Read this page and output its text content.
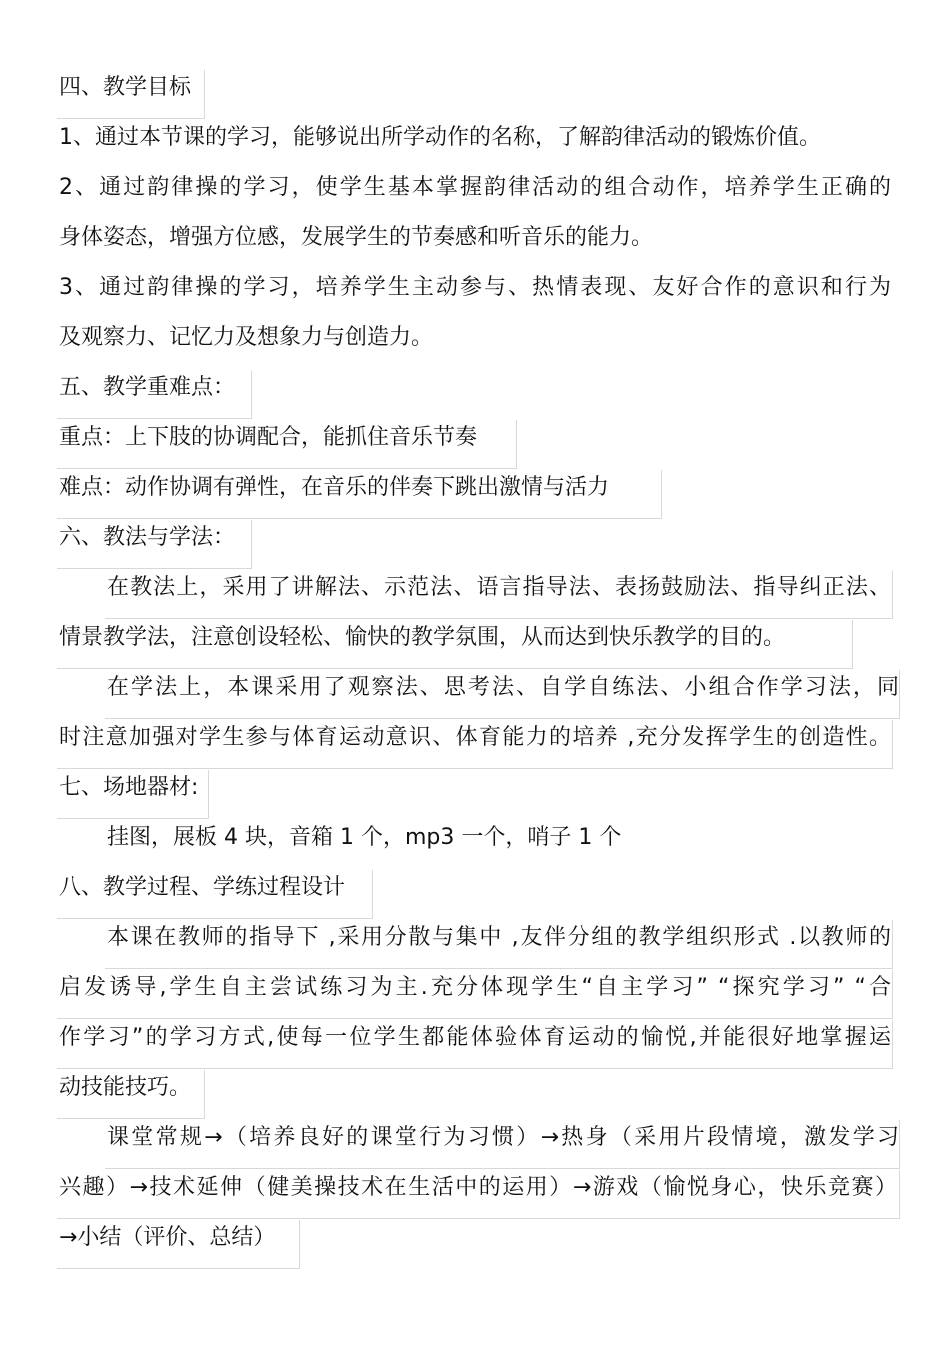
四、教学目标
1、通过本节课的学习，能够说出所学动作的名称，了解韵律活动的锻炼价值。
2、通过韵律操的学习，使学生基本掌握韵律活动的组合动作，培养学生正确的
身体姿态，增强方位感，发展学生的节奏感和听音乐的能力。
3、通过韵律操的学习，培养学生主动参与、热情表现、友好合作的意识和行为
及观察力、记忆力及想象力与创造力。
五、教学重难点：
重点：上下肢的协调配合，能抓住音乐节奏
难点：动作协调有弹性，在音乐的伴奏下跳出激情与活力
六、教法与学法：
在教法上，采用了讲解法、示范法、语言指导法、表扬鼓励法、指导纠正法、
情景教学法，注意创设轻松、愉快的教学氛围，从而达到快乐教学的目的。
在学法上，本课采用了观察法、思考法、自学自练法、小组合作学习法，同
时注意加强对学生参与体育运动意识、体育能力的培养 ,充分发挥学生的创造性。
七、场地器材:
挂图，展板 4 块，音箱 1 个，mp3 一个，哨子 1 个
八、教学过程、学练过程设计
本课在教师的指导下 ,采用分散与集中 ,友伴分组的教学组织形式 .以教师的
启发诱导,学生自主尝试练习为主.充分体现学生“自主学习” “探究学习” “合
作学习”的学习方式,使每一位学生都能体验体育运动的愉悦,并能很好地掌握运
动技能技巧。
课堂常规→（培养良好的课堂行为习惯）→热身（采用片段情境，激发学习
兴趣）→技术延伸（健美操技术在生活中的运用）→游戏（愉悦身心，快乐竞赛）
→小结（评价、总结）
